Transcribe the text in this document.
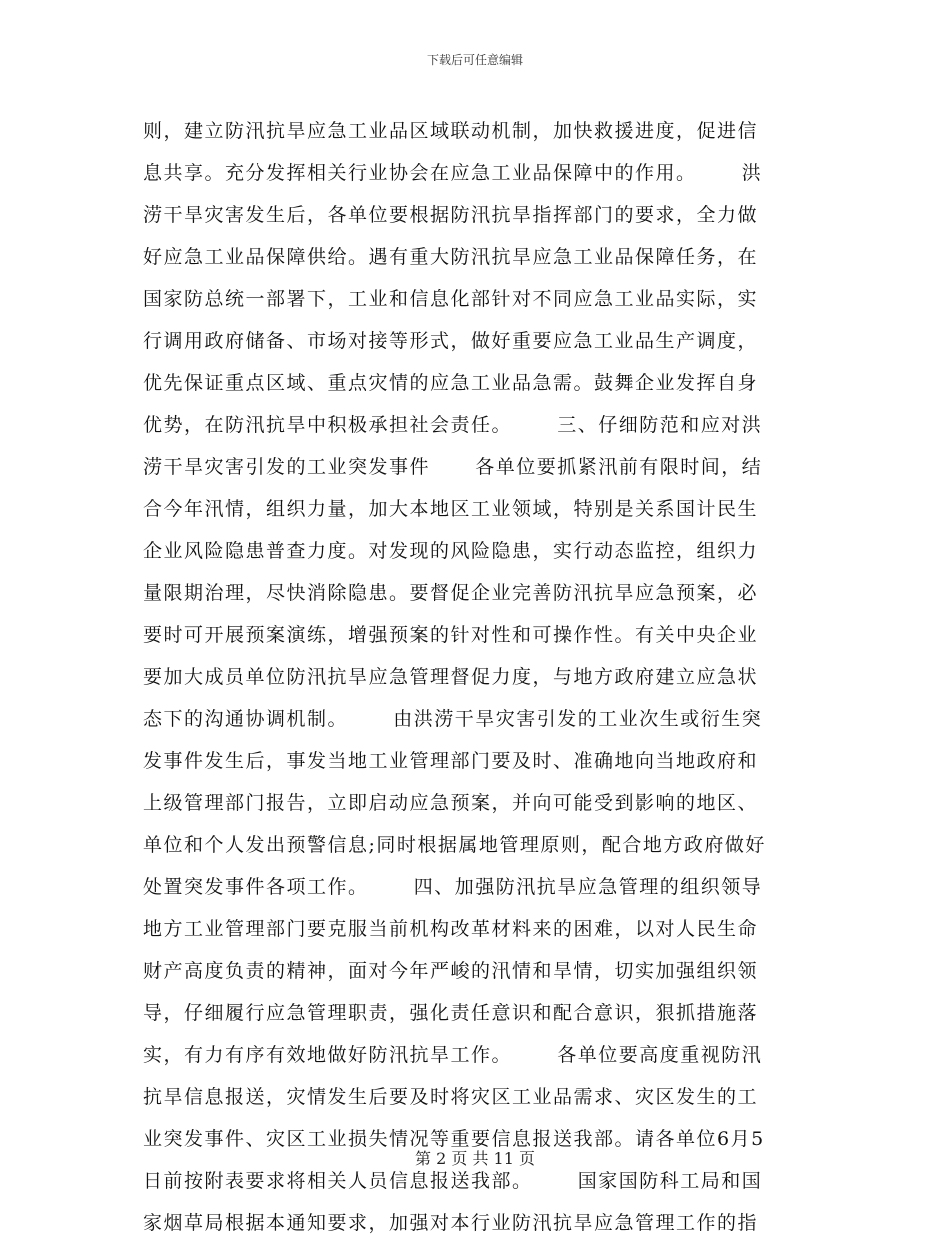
下载后可任意编辑
则，建立防汛抗旱应急工业品区域联动机制，加快救援进度，促进信
息共享。充分发挥相关行业协会在应急工业品保障中的作用。      洪
涝干旱灾害发生后，各单位要根据防汛抗旱指挥部门的要求，全力做
好应急工业品保障供给。遇有重大防汛抗旱应急工业品保障任务，在
国家防总统一部署下，工业和信息化部针对不同应急工业品实际，实
行调用政府储备、市场对接等形式，做好重要应急工业品生产调度，
优先保证重点区域、重点灾情的应急工业品急需。鼓舞企业发挥自身
优势，在防汛抗旱中积极承担社会责任。      三、仔细防范和应对洪
涝干旱灾害引发的工业突发事件      各单位要抓紧汛前有限时间，结
合今年汛情，组织力量，加大本地区工业领域，特别是关系国计民生
企业风险隐患普查力度。对发现的风险隐患，实行动态监控，组织力
量限期治理，尽快消除隐患。要督促企业完善防汛抗旱应急预案，必
要时可开展预案演练，增强预案的针对性和可操作性。有关中央企业
要加大成员单位防汛抗旱应急管理督促力度，与地方政府建立应急状
态下的沟通协调机制。      由洪涝干旱灾害引发的工业次生或衍生突
发事件发生后，事发当地工业管理部门要及时、准确地向当地政府和
上级管理部门报告，立即启动应急预案，并向可能受到影响的地区、
单位和个人发出预警信息;同时根据属地管理原则，配合地方政府做好
处置突发事件各项工作。      四、加强防汛抗旱应急管理的组织领导
地方工业管理部门要克服当前机构改革材料来的困难，以对人民生命
财产高度负责的精神，面对今年严峻的汛情和旱情，切实加强组织领
导，仔细履行应急管理职责，强化责任意识和配合意识，狠抓措施落
实，有力有序有效地做好防汛抗旱工作。      各单位要高度重视防汛
抗旱信息报送，灾情发生后要及时将灾区工业品需求、灾区发生的工
业突发事件、灾区工业损失情况等重要信息报送我部。请各单位6月5
日前按附表要求将相关人员信息报送我部。      国家国防科工局和国
家烟草局根据本通知要求，加强对本行业防汛抗旱应急管理工作的指
第 2 页 共 11 页
